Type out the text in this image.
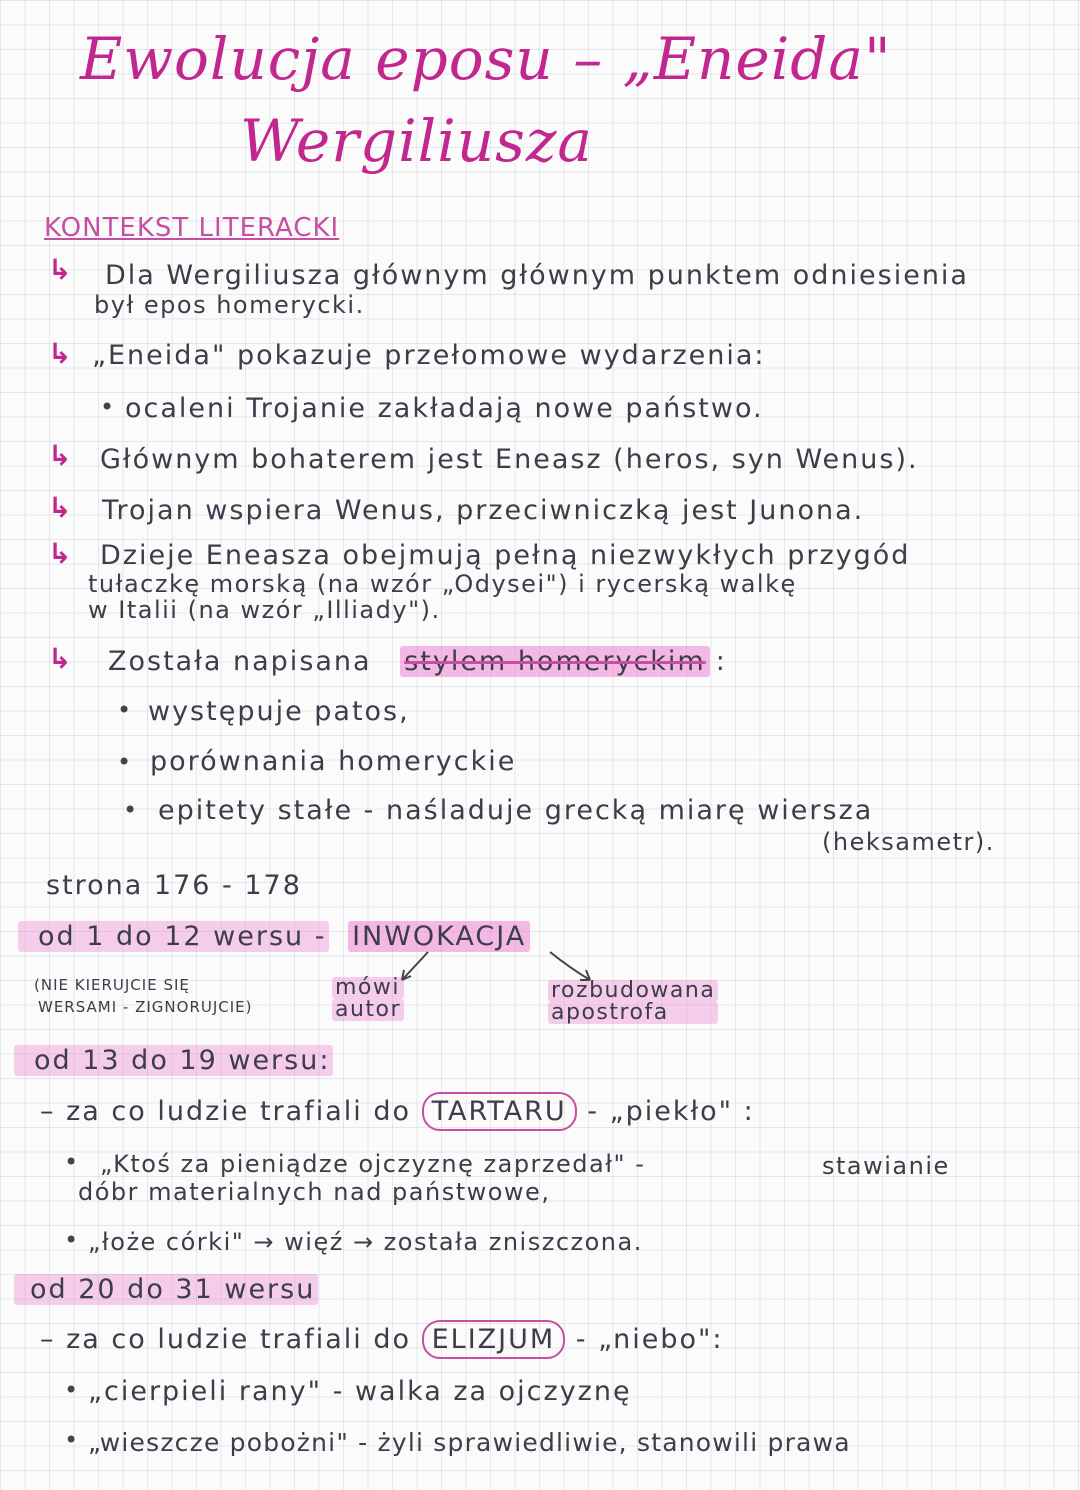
Ewolucja eposu – „Eneida"
Wergiliusza
KONTEKST LITERACKI
↳ Dla Wergiliusza głównym głównym punktem odniesienia
był epos homerycki.
↳ „Eneida" pokazuje przełomowe wydarzenia:
• ocaleni Trojanie zakładają nowe państwo.
↳ Głównym bohaterem jest Eneasz (heros, syn Wenus).
↳ Trojan wspiera Wenus, przeciwniczką jest Junona.
↳ Dzieje Eneasza obejmują pełną niezwykłych przygód
tułaczkę morską (na wzór „Odysei") i rycerską walkę
w Italii (na wzór „Illiady").
↳ Została napisana stylem homeryckim :
• występuje patos,
• porównania homeryckie
• epitety stałe - naśladuje grecką miarę wiersza
(heksametr).
strona 176 - 178
od 1 do 12 wersu - INWOKACJA
(NIE KIERUJCIE SIĘ
WERSAMI - ZIGNORUJCIE)
mówi
autor
rozbudowana
apostrofa
od 13 do 19 wersu:
– za co ludzie trafiali do TARTARU - „piekło" :
• „Ktoś za pieniądze ojczyznę zaprzedał" -	stawianie
dóbr materialnych nad państwowe,
• „łoże córki" → więź → została zniszczona.
od 20 do 31 wersu
– za co ludzie trafiali do ELIZJUM - „niebo":
• „cierpieli rany" - walka za ojczyznę
• „wieszcze pobożni" - żyli sprawiedliwie, stanowili prawa
